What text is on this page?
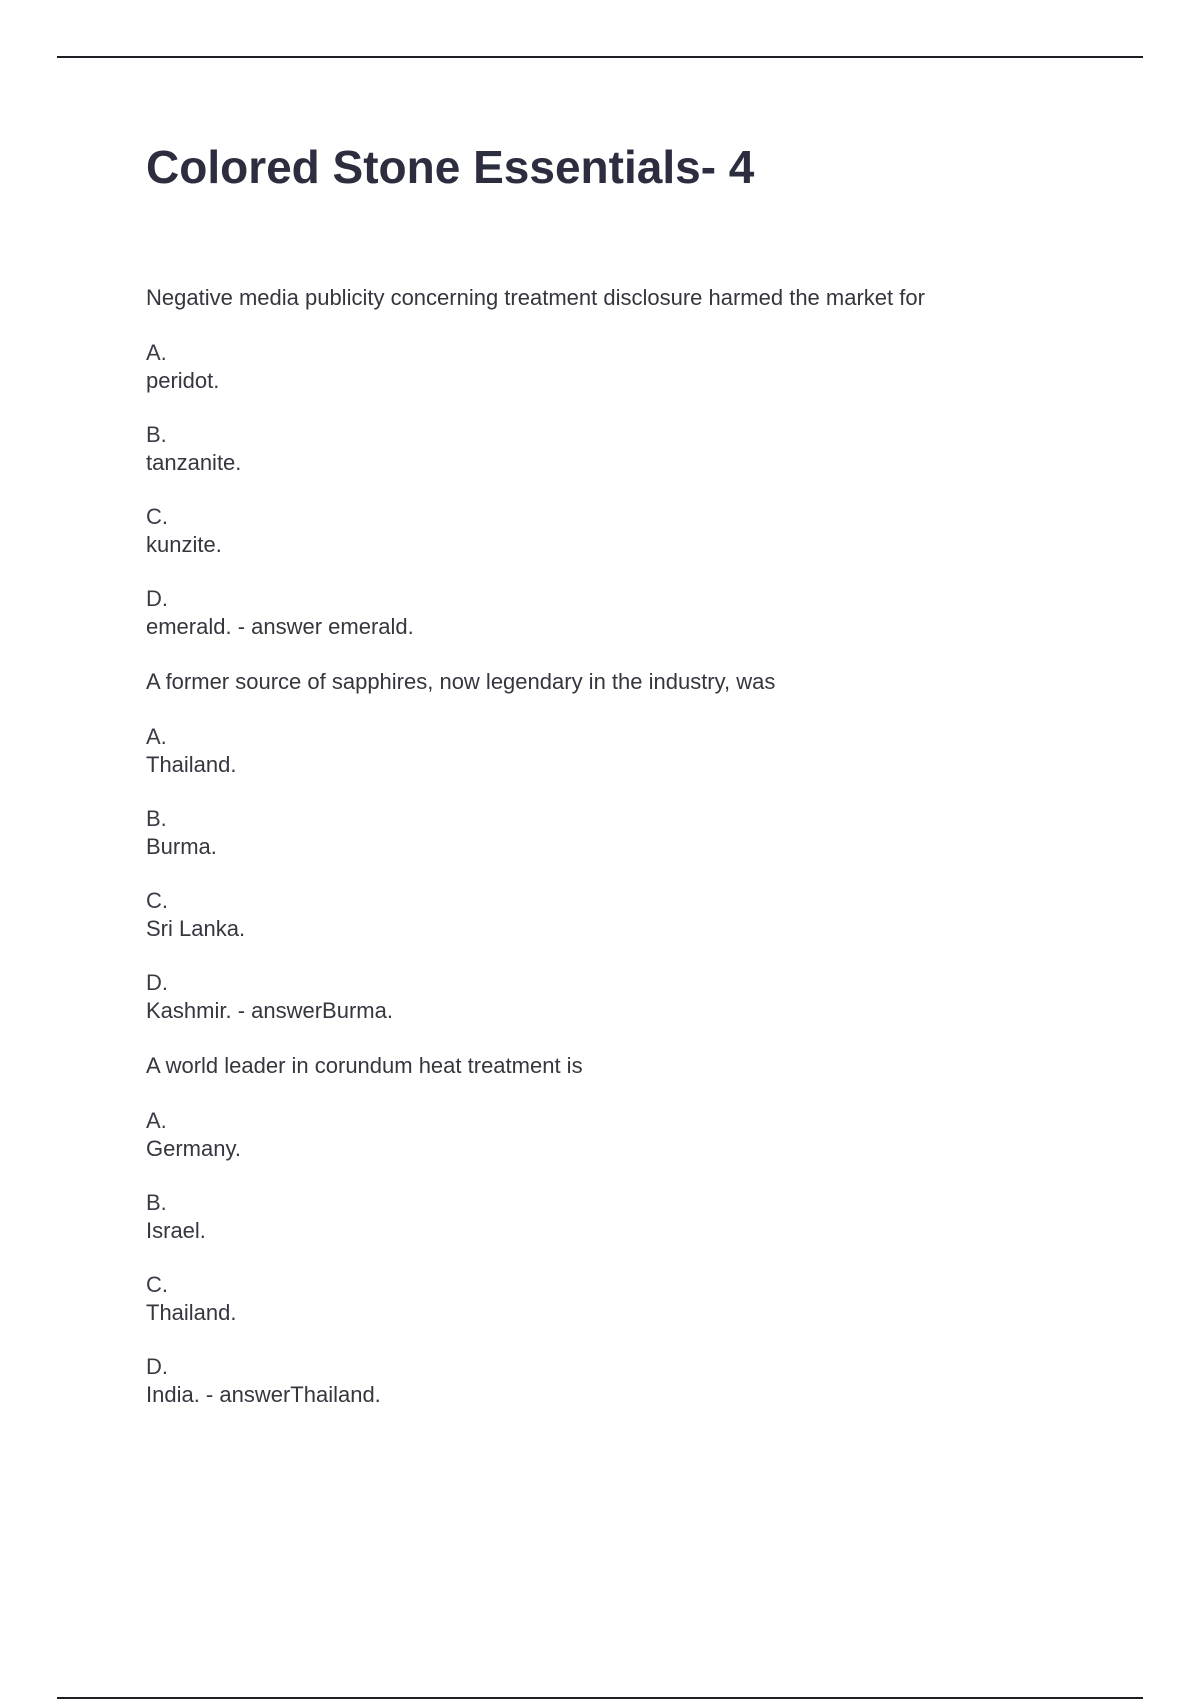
Colored Stone Essentials- 4

Negative media publicity concerning treatment disclosure harmed the market for

A.
peridot.
B.
tanzanite.
C.
kunzite.
D.
emerald. - answer emerald.

A former source of sapphires, now legendary in the industry, was

A.
Thailand.
B.
Burma.
C.
Sri Lanka.
D.
Kashmir. - answerBurma.

A world leader in corundum heat treatment is

A.
Germany.
B.
Israel.
C.
Thailand.
D.
India. - answerThailand.
